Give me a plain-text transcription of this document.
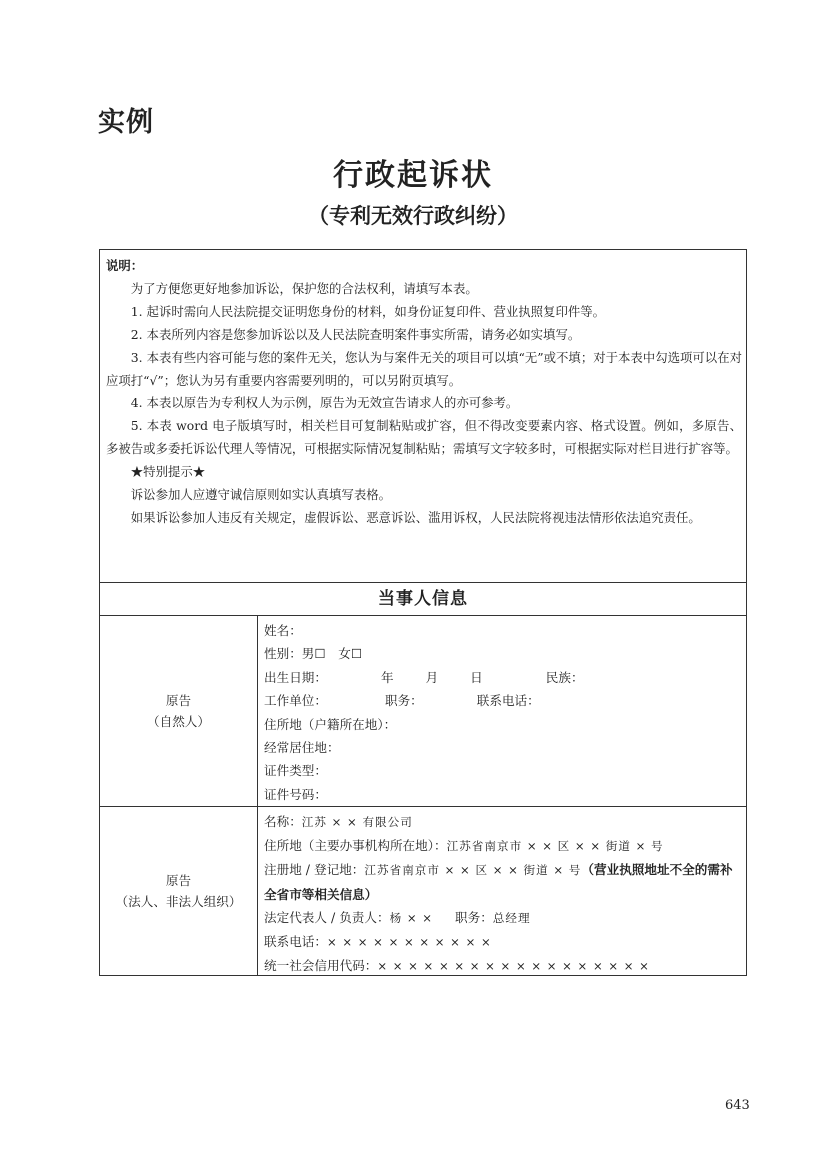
实例
行政起诉状
（专利无效行政纠纷）
说明：

为了方便您更好地参加诉讼，保护您的合法权利，请填写本表。

1. 起诉时需向人民法院提交证明您身份的材料，如身份证复印件、营业执照复印件等。

2. 本表所列内容是您参加诉讼以及人民法院查明案件事实所需，请务必如实填写。

3. 本表有些内容可能与您的案件无关，您认为与案件无关的项目可以填“无”或不填；对于本表中勾选项可以在对应项打“√”；您认为另有重要内容需要列明的，可以另附页填写。

4. 本表以原告为专利权人为示例，原告为无效宣告请求人的亦可参考。

5. 本表 word 电子版填写时，相关栏目可复制粘贴或扩容，但不得改变要素内容、格式设置。例如，多原告、多被告或多委托诉讼代理人等情况，可根据实际情况复制粘贴；需填写文字较多时，可根据实际对栏目进行扩容等。

★特别提示★

诉讼参加人应遵守诚信原则如实认真填写表格。

如果诉讼参加人违反有关规定，虚假诉讼、恶意诉讼、滥用诉权，人民法院将视违法情形依法追究责任。

当事人信息
原告
（自然人）
姓名：
性别：男☐　女☐
出生日期：	年	月	日	民族：
工作单位：	职务：	联系电话：
住所地（户籍所在地）：
经常居住地：
证件类型：
证件号码：
原告
（法人、非法人组织）
名称：江苏 × × 有限公司
住所地（主要办事机构所在地）：江苏省南京市 × × 区 × × 街道 × 号
注册地 / 登记地：江苏省南京市 × × 区 × × 街道 × 号（营业执照地址不全的需补全省市等相关信息）
法定代表人 / 负责人：杨 × × 职务：总经理
联系电话：× × × × × × × × × × ×
统一社会信用代码：× × × × × × × × × × × × × × × × × ×
643
